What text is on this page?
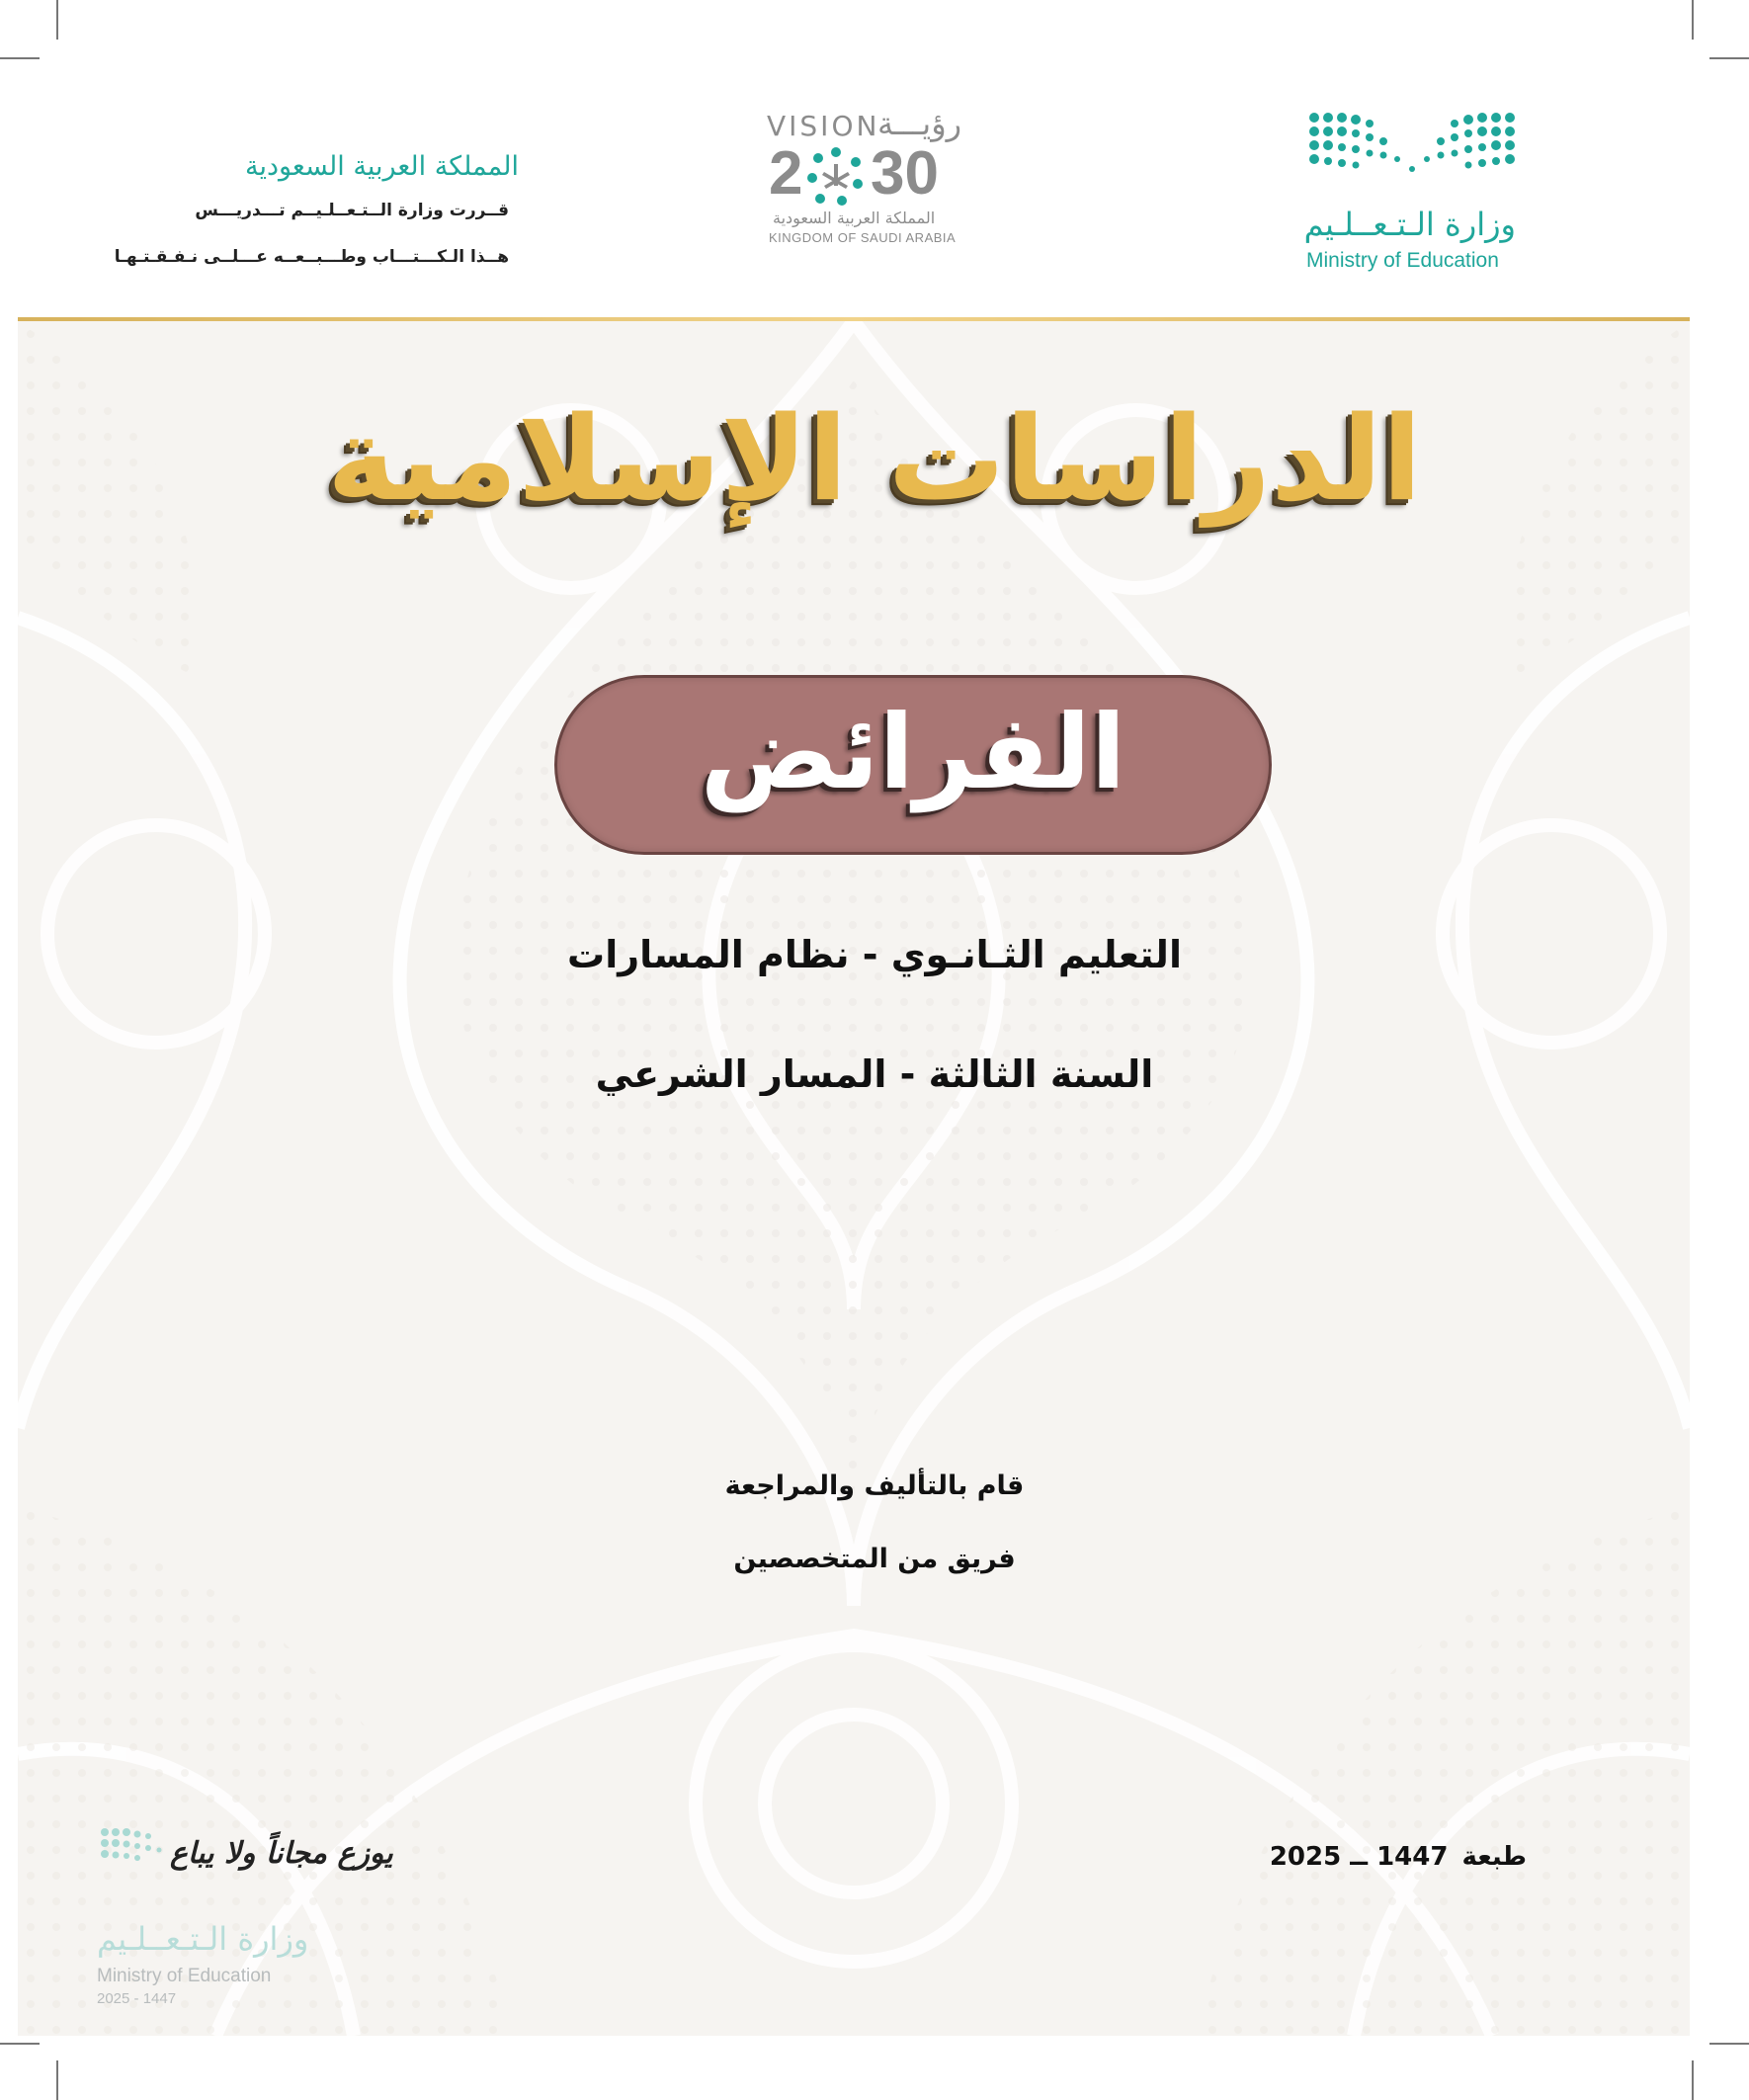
المملكة العربية السعودية
قــررت وزارة الــتـعــلـيــم تـــدريـــس
هــذا الـكـــتـــاب وطـــبــعــه عـــلــى نـفـقـتـهـا
VISION
رؤيـــة
2 30
المملكة العربية السعودية
KINGDOM OF SAUDI ARABIA	وزارة الـتـعــلـيم
Ministry of Education
الدراسات الإسلامية
الفرائض
التعليم الثـانـوي - نظام المسارات
السنة الثالثة - المسار الشرعي
قام بالتأليف والمراجعة
فريق من المتخصصين
طبعة1447 ــ 2025
يوزع مجاناً ولا يباع
وزارة الـتـعــلـيم
Ministry of Education
2025 - 1447
